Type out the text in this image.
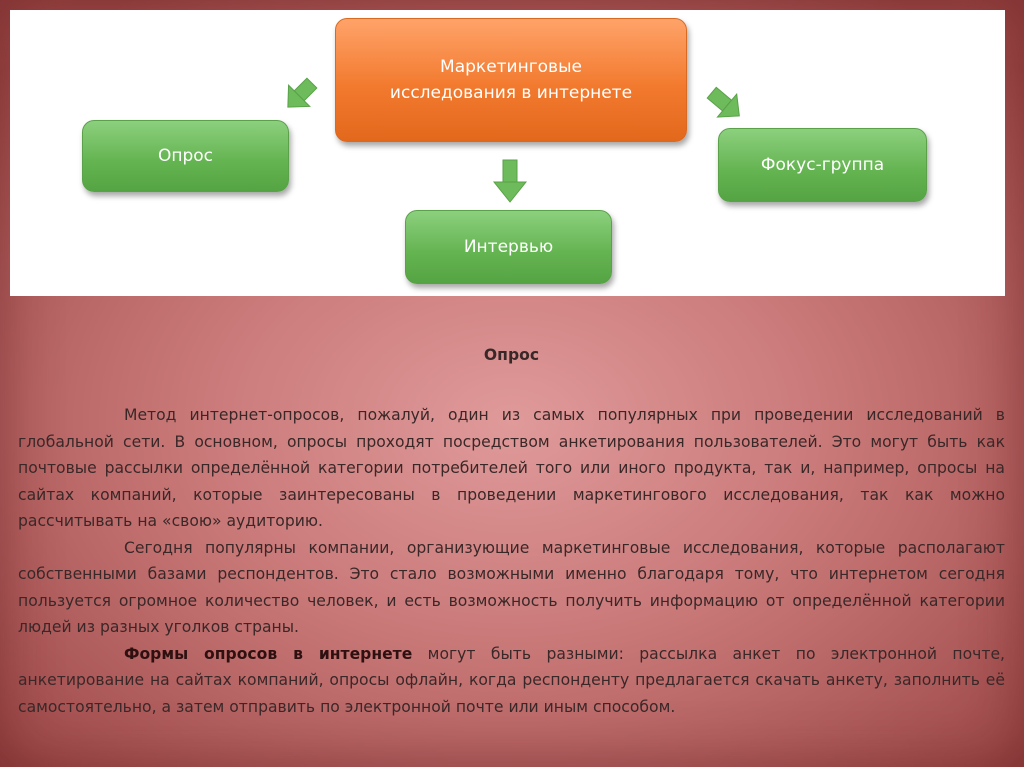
Маркетинговые исследования в интернете
Опрос
Интервью
Фокус-группа
Опрос

Метод интернет-опросов, пожалуй, один из самых популярных при проведении исследований в глобальной сети. В основном, опросы проходят посредством анкетирования пользователей. Это могут быть как почтовые рассылки определённой категории потребителей того или иного продукта, так и, например, опросы на сайтах компаний, которые заинтересованы в проведении маркетингового исследования, так как можно рассчитывать на «свою» аудиторию.

Сегодня популярны компании, организующие маркетинговые исследования, которые располагают собственными базами респондентов. Это стало возможными именно благодаря тому, что интернетом сегодня пользуется огромное количество человек, и есть возможность получить информацию от определённой категории людей из разных уголков страны.

Формы опросов в интернете могут быть разными: рассылка анкет по электронной почте, анкетирование на сайтах компаний, опросы офлайн, когда респонденту предлагается скачать анкету, заполнить её самостоятельно, а затем отправить по электронной почте или иным способом.
